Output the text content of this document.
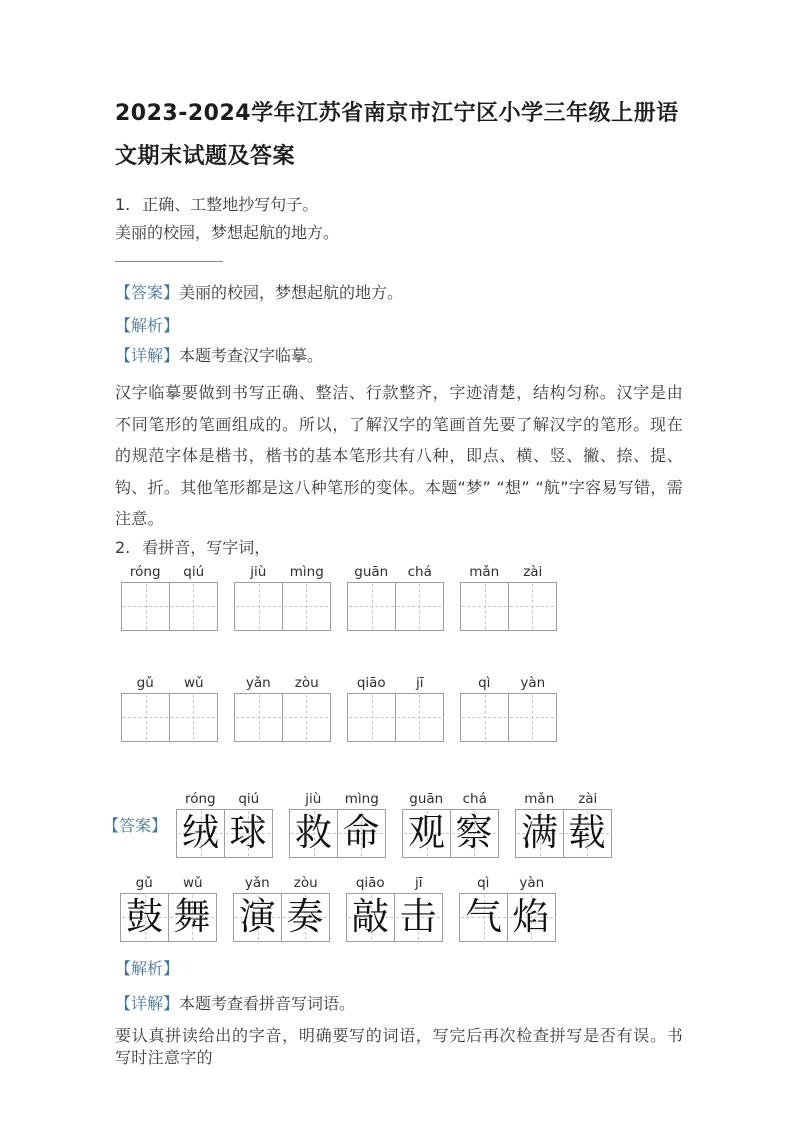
2023-2024学年江苏省南京市江宁区小学三年级上册语文期末试题及答案

1. 正确、工整地抄写句子。

美丽的校园，梦想起航的地方。

【答案】美丽的校园，梦想起航的地方。

【解析】

【详解】本题考查汉字临摹。

汉字临摹要做到书写正确、整洁、行款整齐，字迹清楚，结构匀称。汉字是由不同笔形的笔画组成的。所以，了解汉字的笔画首先要了解汉字的笔形。现在的规范字体是楷书，楷书的基本笔形共有八种，即点、横、竖、撇、捺、提、钩、折。其他笔形都是这八种笔形的变体。本题“梦” “想” “航”字容易写错，需注意。

2. 看拼音，写字词，

róng	qiú	jiù	mìng	guān	chá	mǎn	zài
gǔ	wǔ	yǎn	zòu	qiāo	jī	qì	yàn
【答案】
róng	qiú
绒 球
jiù	mìng
救 命
guān	chá
观 察
mǎn	zài
满 载
gǔ	wǔ
鼓 舞
yǎn	zòu
演 奏
qiāo	jī
敲 击
qì	yàn
气 焰

【解析】

【详解】本题考查看拼音写词语。

要认真拼读给出的字音，明确要写的词语，写完后再次检查拼写是否有误。书写时注意字的
